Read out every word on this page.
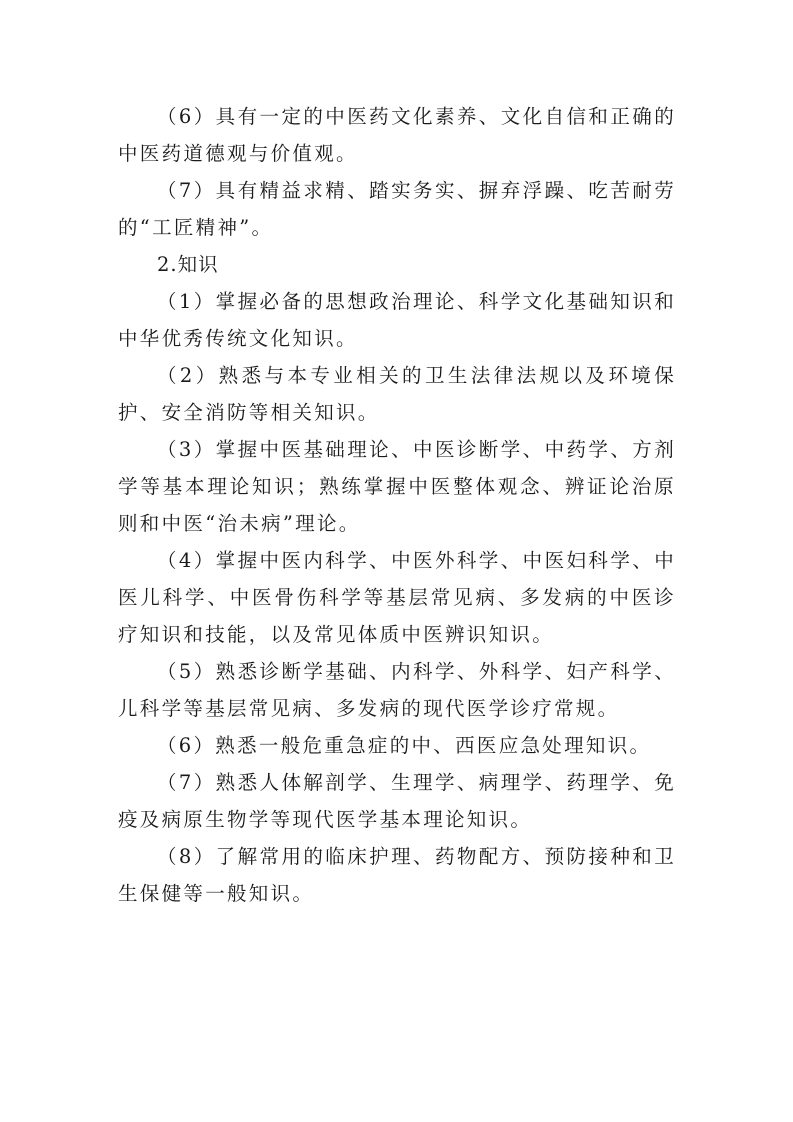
（6）具有一定的中医药文化素养、文化自信和正确的中医药道德观与价值观。

（7）具有精益求精、踏实务实、摒弃浮躁、吃苦耐劳的“工匠精神”。

2.知识

（1）掌握必备的思想政治理论、科学文化基础知识和中华优秀传统文化知识。

（2）熟悉与本专业相关的卫生法律法规以及环境保护、安全消防等相关知识。

（3）掌握中医基础理论、中医诊断学、中药学、方剂学等基本理论知识；熟练掌握中医整体观念、辨证论治原则和中医“治未病”理论。

（4）掌握中医内科学、中医外科学、中医妇科学、中医儿科学、中医骨伤科学等基层常见病、多发病的中医诊疗知识和技能，以及常见体质中医辨识知识。

（5）熟悉诊断学基础、内科学、外科学、妇产科学、儿科学等基层常见病、多发病的现代医学诊疗常规。

（6）熟悉一般危重急症的中、西医应急处理知识。

（7）熟悉人体解剖学、生理学、病理学、药理学、免疫及病原生物学等现代医学基本理论知识。

（8）了解常用的临床护理、药物配方、预防接种和卫生保健等一般知识。
